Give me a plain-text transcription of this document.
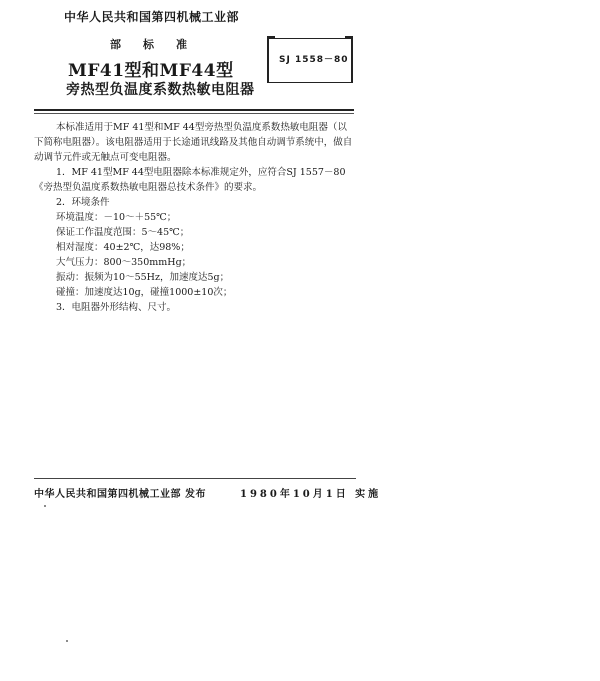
中华人民共和国第四机械工业部
部标准
MF41型和MF44型
旁热型负温度系数热敏电阻器
SJ 1558－80

本标准适用于MF 41型和MF 44型旁热型负温度系数热敏电阻器（以下简称电阻器）。该电阻器适用于长途通讯线路及其他自动调节系统中，做自动调节元件或无触点可变电阻器。

1．MF 41型MF 44型电阻器除本标准规定外，应符合SJ 1557－80《旁热型负温度系数热敏电阻器总技术条件》的要求。

2．环境条件

环境温度：－10～＋55℃；

保证工作温度范围：5～45℃；

相对湿度：40±2℃，达98%；

大气压力：800～350mmHg；

振动：振频为10～55Hz，加速度达5g；

碰撞：加速度达10g，碰撞1000±10次；

3．电阻器外形结构、尺寸。

中华人民共和国第四机械工业部 发布	1980年10月1日 实施
